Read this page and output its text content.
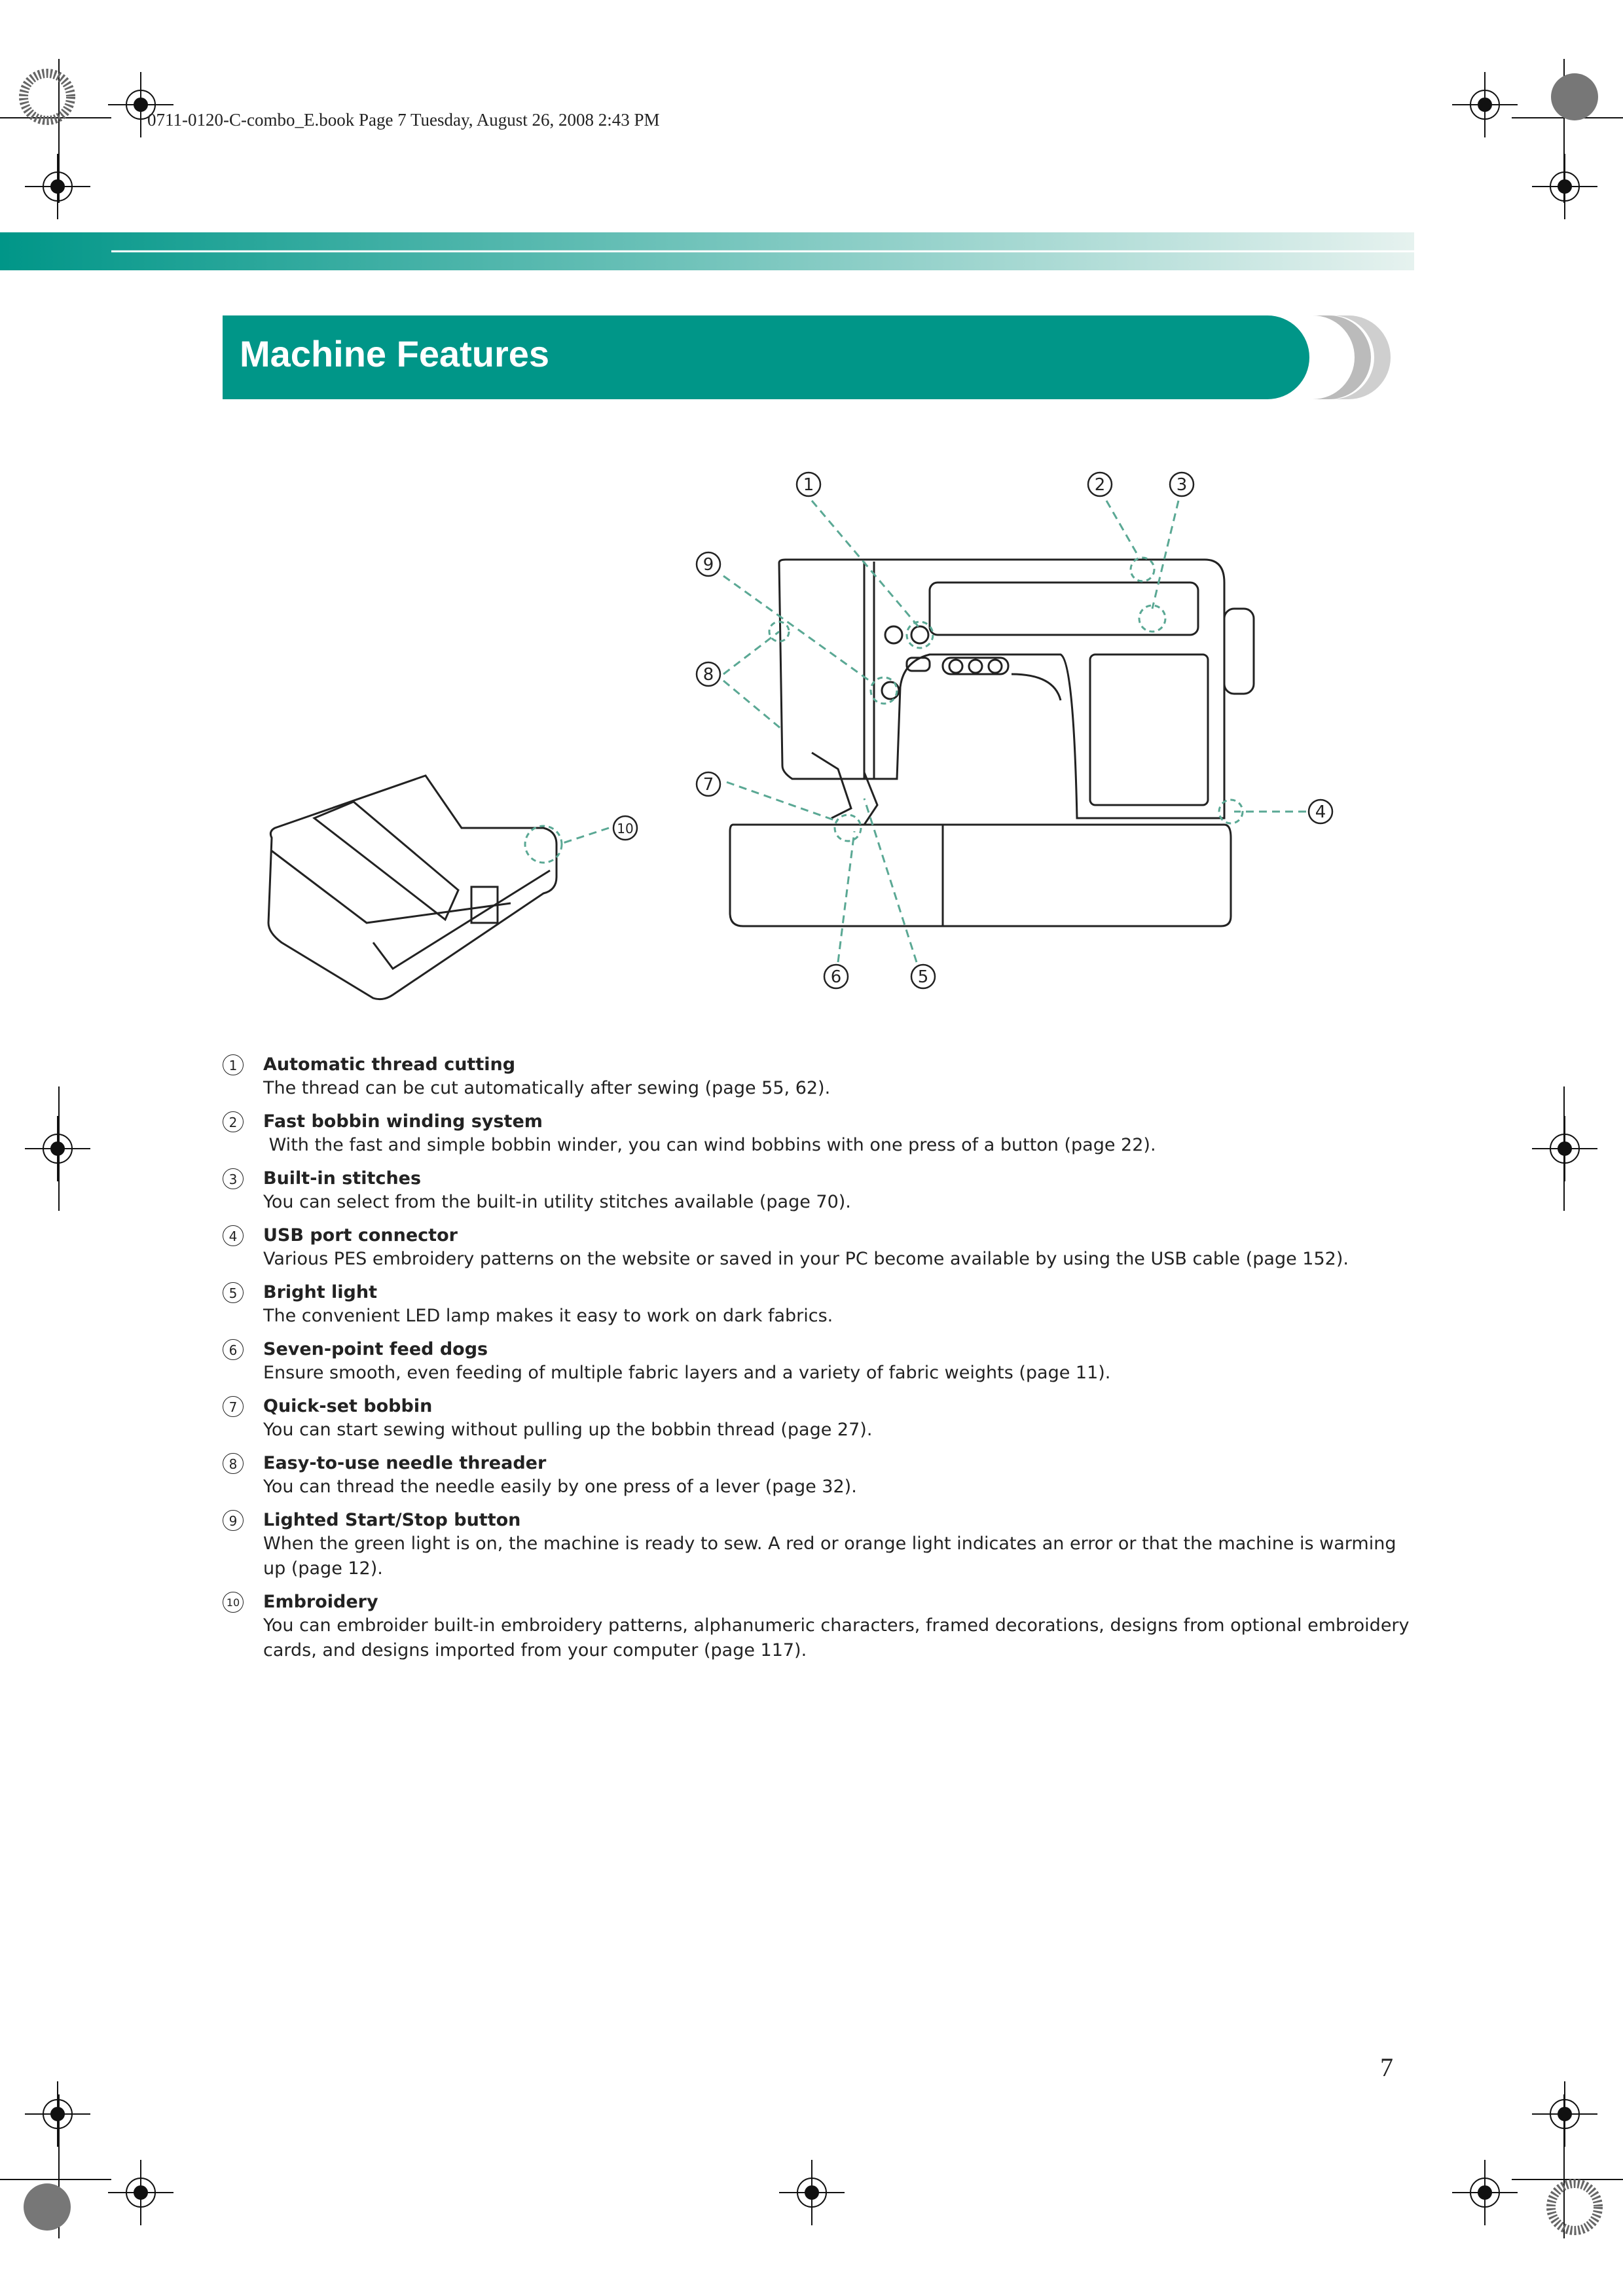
0711-0120-C-combo_E.book Page 7 Tuesday, August 26, 2008 2:43 PM
Machine Features
1	2	3
4
5
6
7
8
9
10
1	Automatic thread cutting
The thread can be cut automatically after sewing (page 55, 62).
2	Fast bobbin winding system
With the fast and simple bobbin winder, you can wind bobbins with one press of a button (page 22).
3	Built-in stitches
You can select from the built-in utility stitches available (page 70).
4	USB port connector
Various PES embroidery patterns on the website or saved in your PC become available by using the USB cable (page 152).
5	Bright light
The convenient LED lamp makes it easy to work on dark fabrics.
6	Seven-point feed dogs
Ensure smooth, even feeding of multiple fabric layers and a variety of fabric weights (page 11).
7	Quick-set bobbin
You can start sewing without pulling up the bobbin thread (page 27).
8	Easy-to-use needle threader
You can thread the needle easily by one press of a lever (page 32).
9	Lighted Start/Stop button
When the green light is on, the machine is ready to sew. A red or orange light indicates an error or that the machine is warming up (page 12).
10 Embroidery
You can embroider built-in embroidery patterns, alphanumeric characters, framed decorations, designs from optional embroidery cards, and designs imported from your computer (page 117).
7
